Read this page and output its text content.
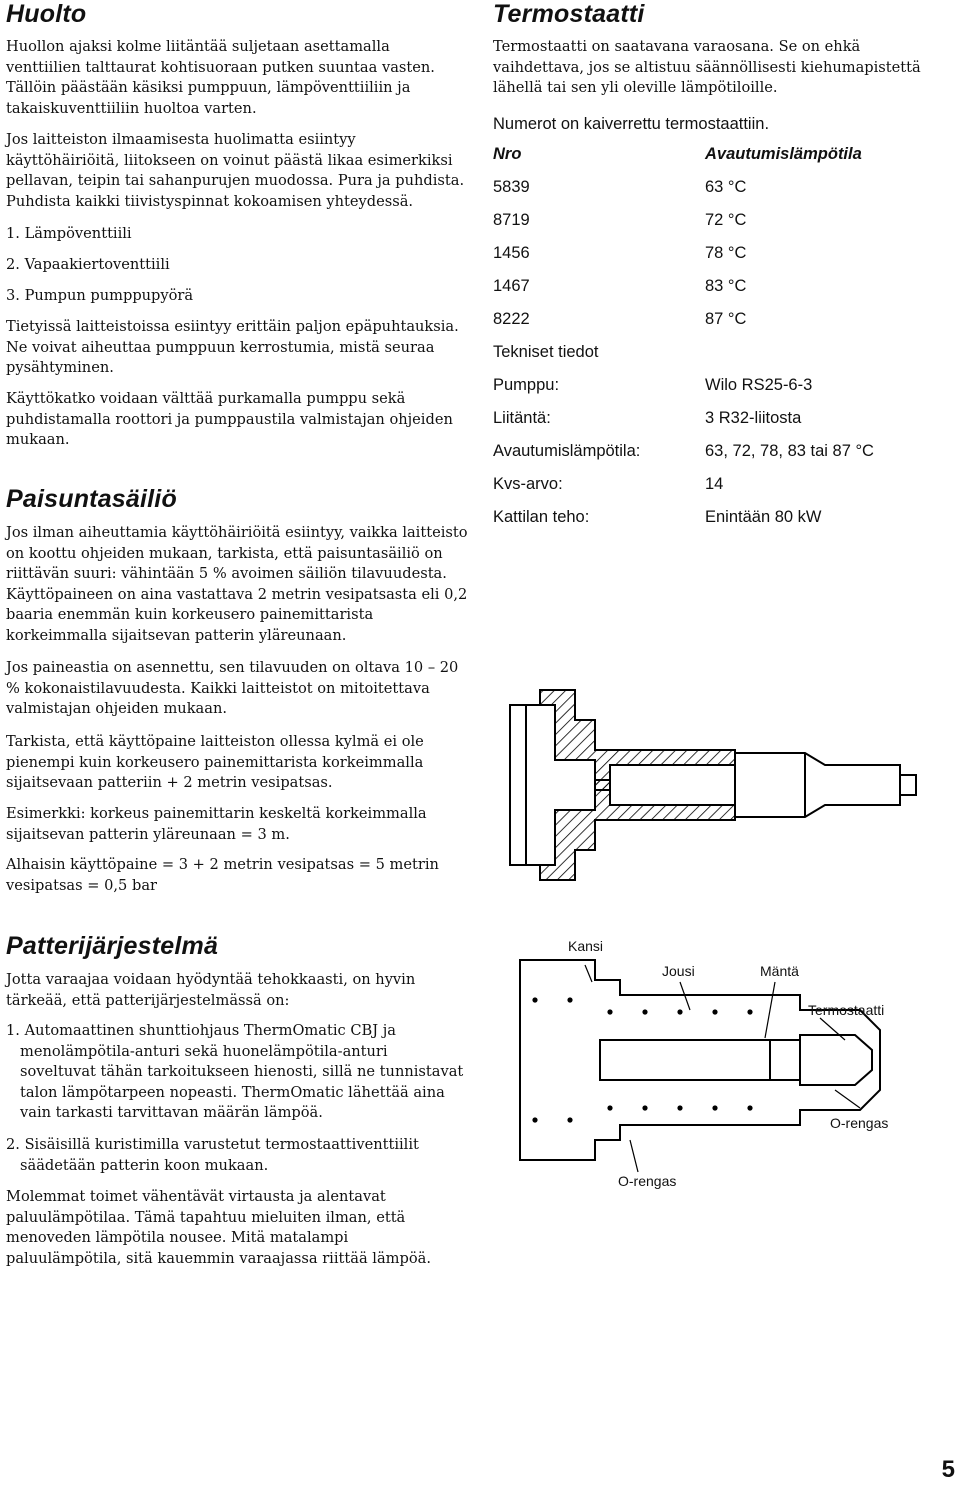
Huolto

Huollon ajaksi kolme liitäntää suljetaan asettamalla venttiilien talttaurat kohtisuoraan putken suuntaa vasten. Tällöin päästään käsiksi pumppuun, lämpöventtiiliin ja takaiskuventtiiliin huoltoa varten.

Jos laitteiston ilmaamisesta huolimatta esiintyy käyttöhäiriöitä, liitokseen on voinut päästä likaa esimerkiksi pellavan, teipin tai sahanpurujen muodossa. Pura ja puhdista. Puhdista kaikki tiivistyspinnat kokoamisen yhteydessä.

1. Lämpöventtiili

2. Vapaakiertoventtiili

3. Pumpun pumppupyörä

Tietyissä laitteistoissa esiintyy erittäin paljon epäpuhtauksia. Ne voivat aiheuttaa pumppuun kerrostumia, mistä seuraa pysähtyminen.

Käyttökatko voidaan välttää purkamalla pumppu sekä puhdistamalla roottori ja pumppaustila valmistajan ohjeiden mukaan.

Paisuntasäiliö

Jos ilman aiheuttamia käyttöhäiriöitä esiintyy, vaikka laitteisto on koottu ohjeiden mukaan, tarkista, että paisuntasäiliö on riittävän suuri: vähintään 5 % avoimen säiliön tilavuudesta. Käyttöpaineen on aina vastattava 2 metrin vesipatsasta eli 0,2 baaria enemmän kuin korkeusero painemittarista korkeimmalla sijaitsevan patterin yläreunaan.

Jos paineastia on asennettu, sen tilavuuden on oltava 10 – 20 % kokonaistilavuudesta. Kaikki laitteistot on mitoitettava valmistajan ohjeiden mukaan.

Tarkista, että käyttöpaine laitteiston ollessa kylmä ei ole pienempi kuin korkeusero painemittarista korkeimmalla sijaitsevaan patteriin + 2 metrin vesipatsas.

Esimerkki: korkeus painemittarin keskeltä korkeimmalla sijaitsevan patterin yläreunaan = 3 m.

Alhaisin käyttöpaine = 3 + 2 metrin vesipatsas = 5 metrin vesipatsas = 0,5 bar

Patterijärjestelmä

Jotta varaajaa voidaan hyödyntää tehokkaasti, on hyvin tärkeää, että patterijärjestelmässä on:

1. Automaattinen shunttiohjaus ThermOmatic CBJ ja menolämpötila-anturi sekä huonelämpötila-anturi soveltuvat tähän tarkoitukseen hienosti, sillä ne tunnistavat talon lämpötarpeen nopeasti. ThermOmatic lähettää aina vain tarkasti tarvittavan määrän lämpöä.

2. Sisäisillä kuristimilla varustetut termostaattiventtiilit säädetään patterin koon mukaan.

Molemmat toimet vähentävät virtausta ja alentavat paluulämpötilaa. Tämä tapahtuu mieluiten ilman, että menoveden lämpötila nousee. Mitä matalampi paluulämpötila, sitä kauemmin varaajassa riittää lämpöä.

Termostaatti

Termostaatti on saatavana varaosana. Se on ehkä vaihdettava, jos se altistuu säännöllisesti kiehumapistettä lähellä tai sen yli oleville lämpötiloille.

Numerot on kaiverrettu termostaattiin.

Nro	Avautumislämpötila
5839	63 °C
8719	72 °C
1456	78 °C
1467	83 °C
8222	87 °C
Tekniset tiedot
Pumppu:	Wilo RS25-6-3
Liitäntä:	3 R32-liitosta
Avautumislämpötila:	63, 72, 78, 83 tai 87 °C
Kvs-arvo:	14
Kattilan teho:	Enintään 80 kW
Kansi
Jousi	Mäntä
Termostaatti
O-rengas
O-rengas
5
